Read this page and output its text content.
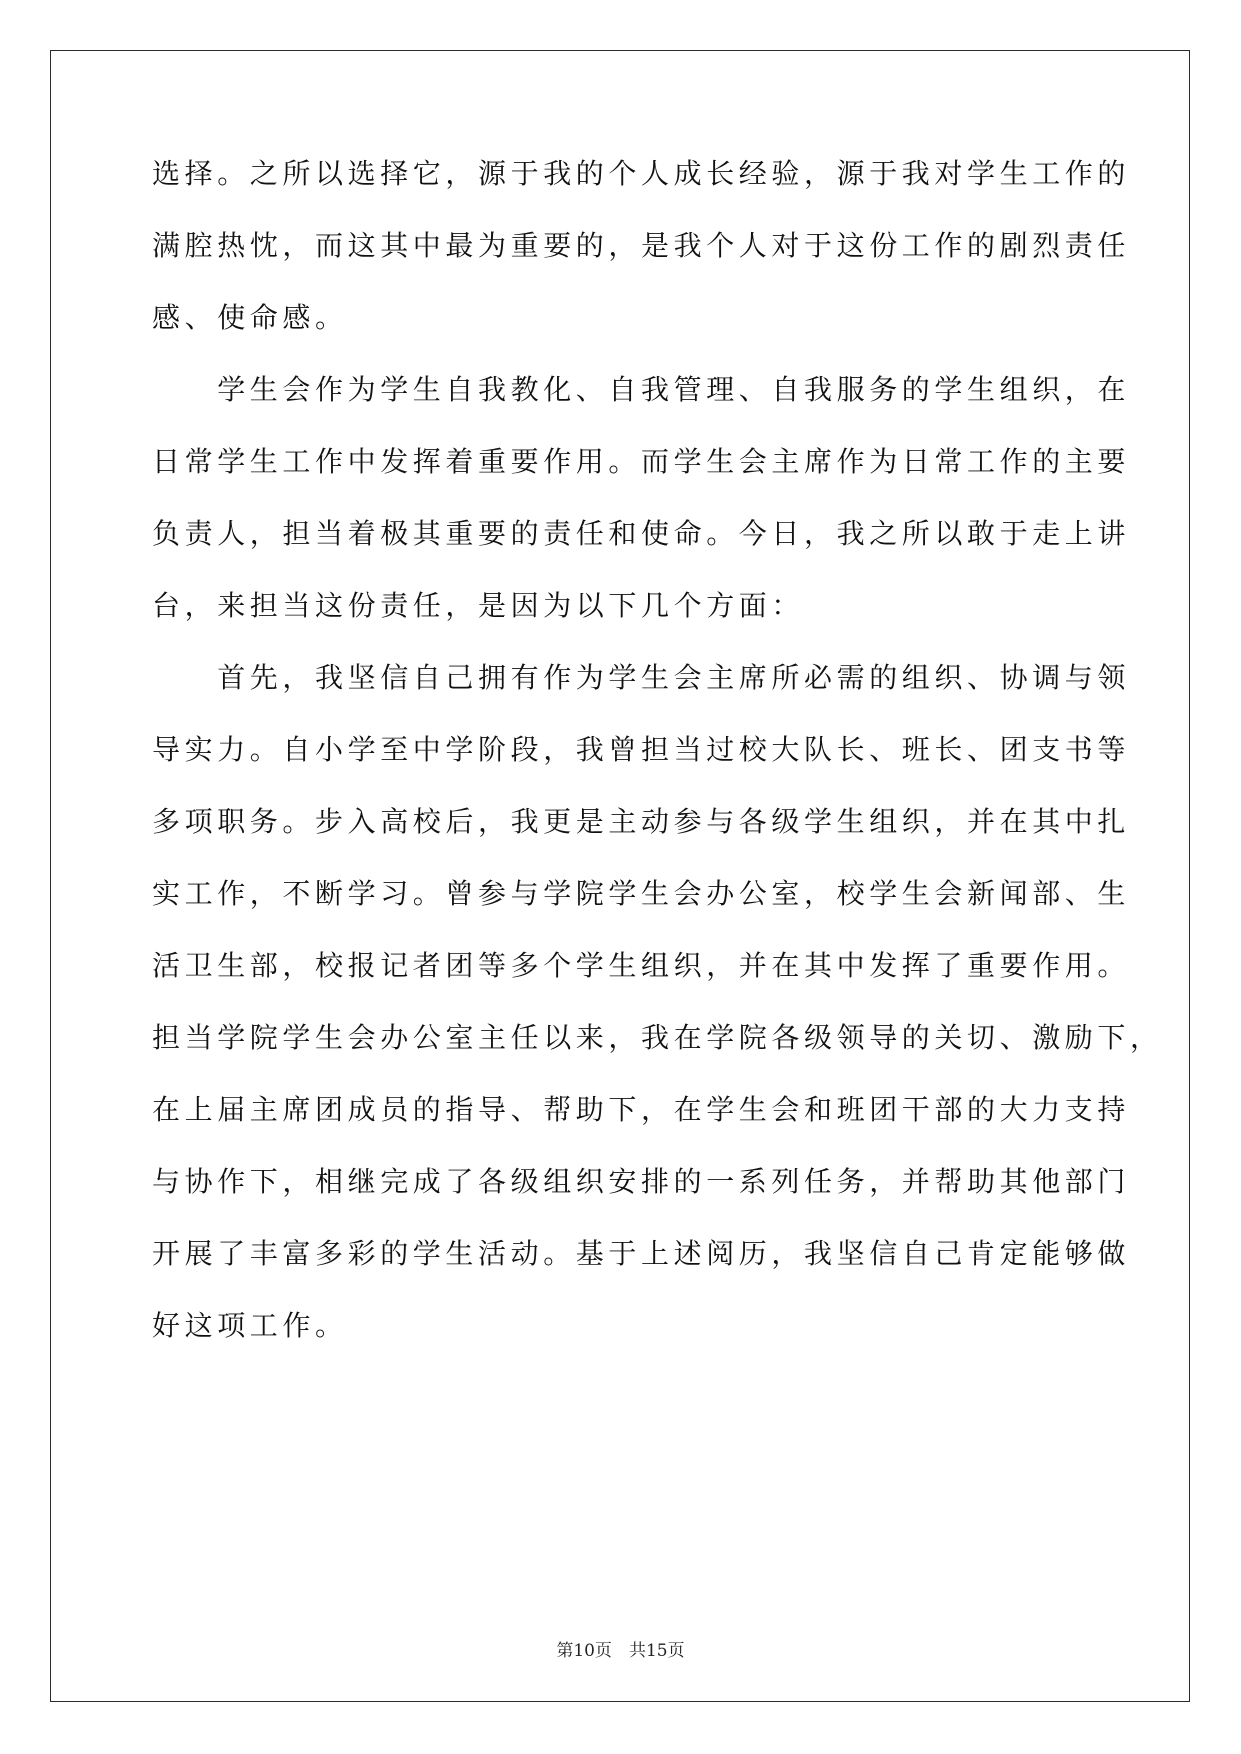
选择。之所以选择它，源于我的个人成长经验，源于我对学生工作的
满腔热忱，而这其中最为重要的，是我个人对于这份工作的剧烈责任
感、使命感。
　　学生会作为学生自我教化、自我管理、自我服务的学生组织，在
日常学生工作中发挥着重要作用。而学生会主席作为日常工作的主要
负责人，担当着极其重要的责任和使命。今日，我之所以敢于走上讲
台，来担当这份责任，是因为以下几个方面：
　　首先，我坚信自己拥有作为学生会主席所必需的组织、协调与领
导实力。自小学至中学阶段，我曾担当过校大队长、班长、团支书等
多项职务。步入高校后，我更是主动参与各级学生组织，并在其中扎
实工作，不断学习。曾参与学院学生会办公室，校学生会新闻部、生
活卫生部，校报记者团等多个学生组织，并在其中发挥了重要作用。
担当学院学生会办公室主任以来，我在学院各级领导的关切、激励下，
在上届主席团成员的指导、帮助下，在学生会和班团干部的大力支持
与协作下，相继完成了各级组织安排的一系列任务，并帮助其他部门
开展了丰富多彩的学生活动。基于上述阅历，我坚信自己肯定能够做
好这项工作。
第10页　共15页
